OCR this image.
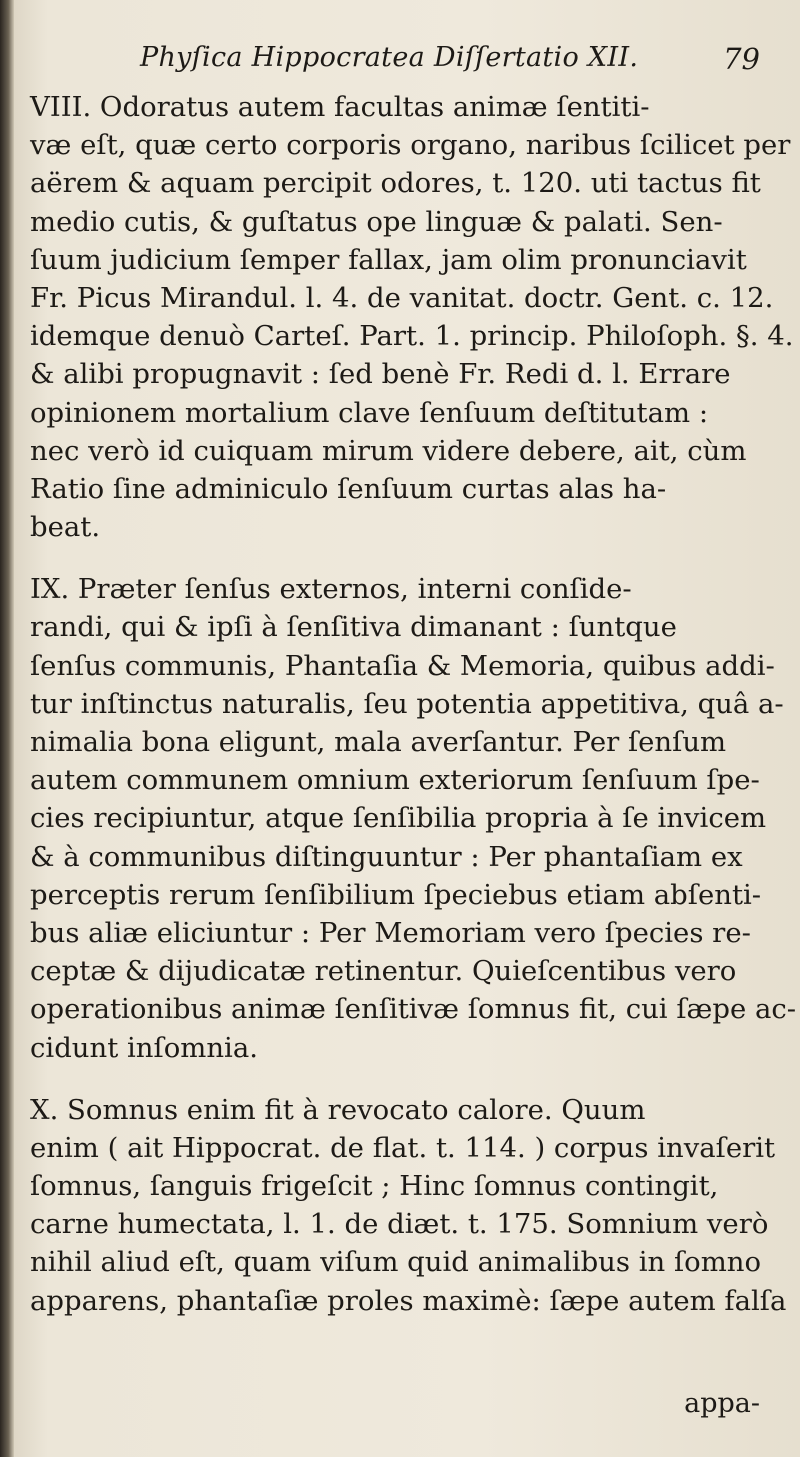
Phyſica Hippocratea Diſſertatio XII.	79
VIII. Odoratus autem facultas animæ ſentiti-
væ eſt, quæ certo corporis organo, naribus ſcilicet per
aërem & aquam percipit odores, t. 120. uti tactus fit
medio cutis, & guſtatus ope linguæ & palati. Sen-
ſuum judicium ſemper fallax, jam olim pronunciavit
Fr. Picus Mirandul. l. 4. de vanitat. doctr. Gent. c. 12.
idemque denuò Carteſ. Part. 1. princip. Philoſoph. §. 4.
& alibi propugnavit : ſed benè Fr. Redi d. l. Errare
opinionem mortalium clave ſenſuum deſtitutam :
nec verò id cuiquam mirum videre debere, ait, cùm
Ratio ſine adminiculo ſenſuum curtas alas ha-
beat.
IX. Præter ſenſus externos, interni conſide-
randi, qui & ipſi à ſenſitiva dimanant : ſuntque
ſenſus communis, Phantaſia & Memoria, quibus addi-
tur inſtinctus naturalis, ſeu potentia appetitiva, quâ a-
nimalia bona eligunt, mala averſantur. Per ſenſum
autem communem omnium exteriorum ſenſuum ſpe-
cies recipiuntur, atque ſenſibilia propria à ſe invicem
& à communibus diſtinguuntur : Per phantaſiam ex
perceptis rerum ſenſibilium ſpeciebus etiam abſenti-
bus aliæ eliciuntur : Per Memoriam vero ſpecies re-
ceptæ & dijudicatæ retinentur. Quieſcentibus vero
operationibus animæ ſenſitivæ ſomnus fit, cui ſæpe ac-
cidunt inſomnia.
X. Somnus enim fit à revocato calore. Quum
enim ( ait Hippocrat. de flat. t. 114. ) corpus invaſerit
ſomnus, ſanguis frigeſcit ; Hinc ſomnus contingit,
carne humectata, l. 1. de diæt. t. 175. Somnium verò
nihil aliud eſt, quam viſum quid animalibus in ſomno
apparens, phantaſiæ proles maximè: ſæpe autem falſa
appa-
